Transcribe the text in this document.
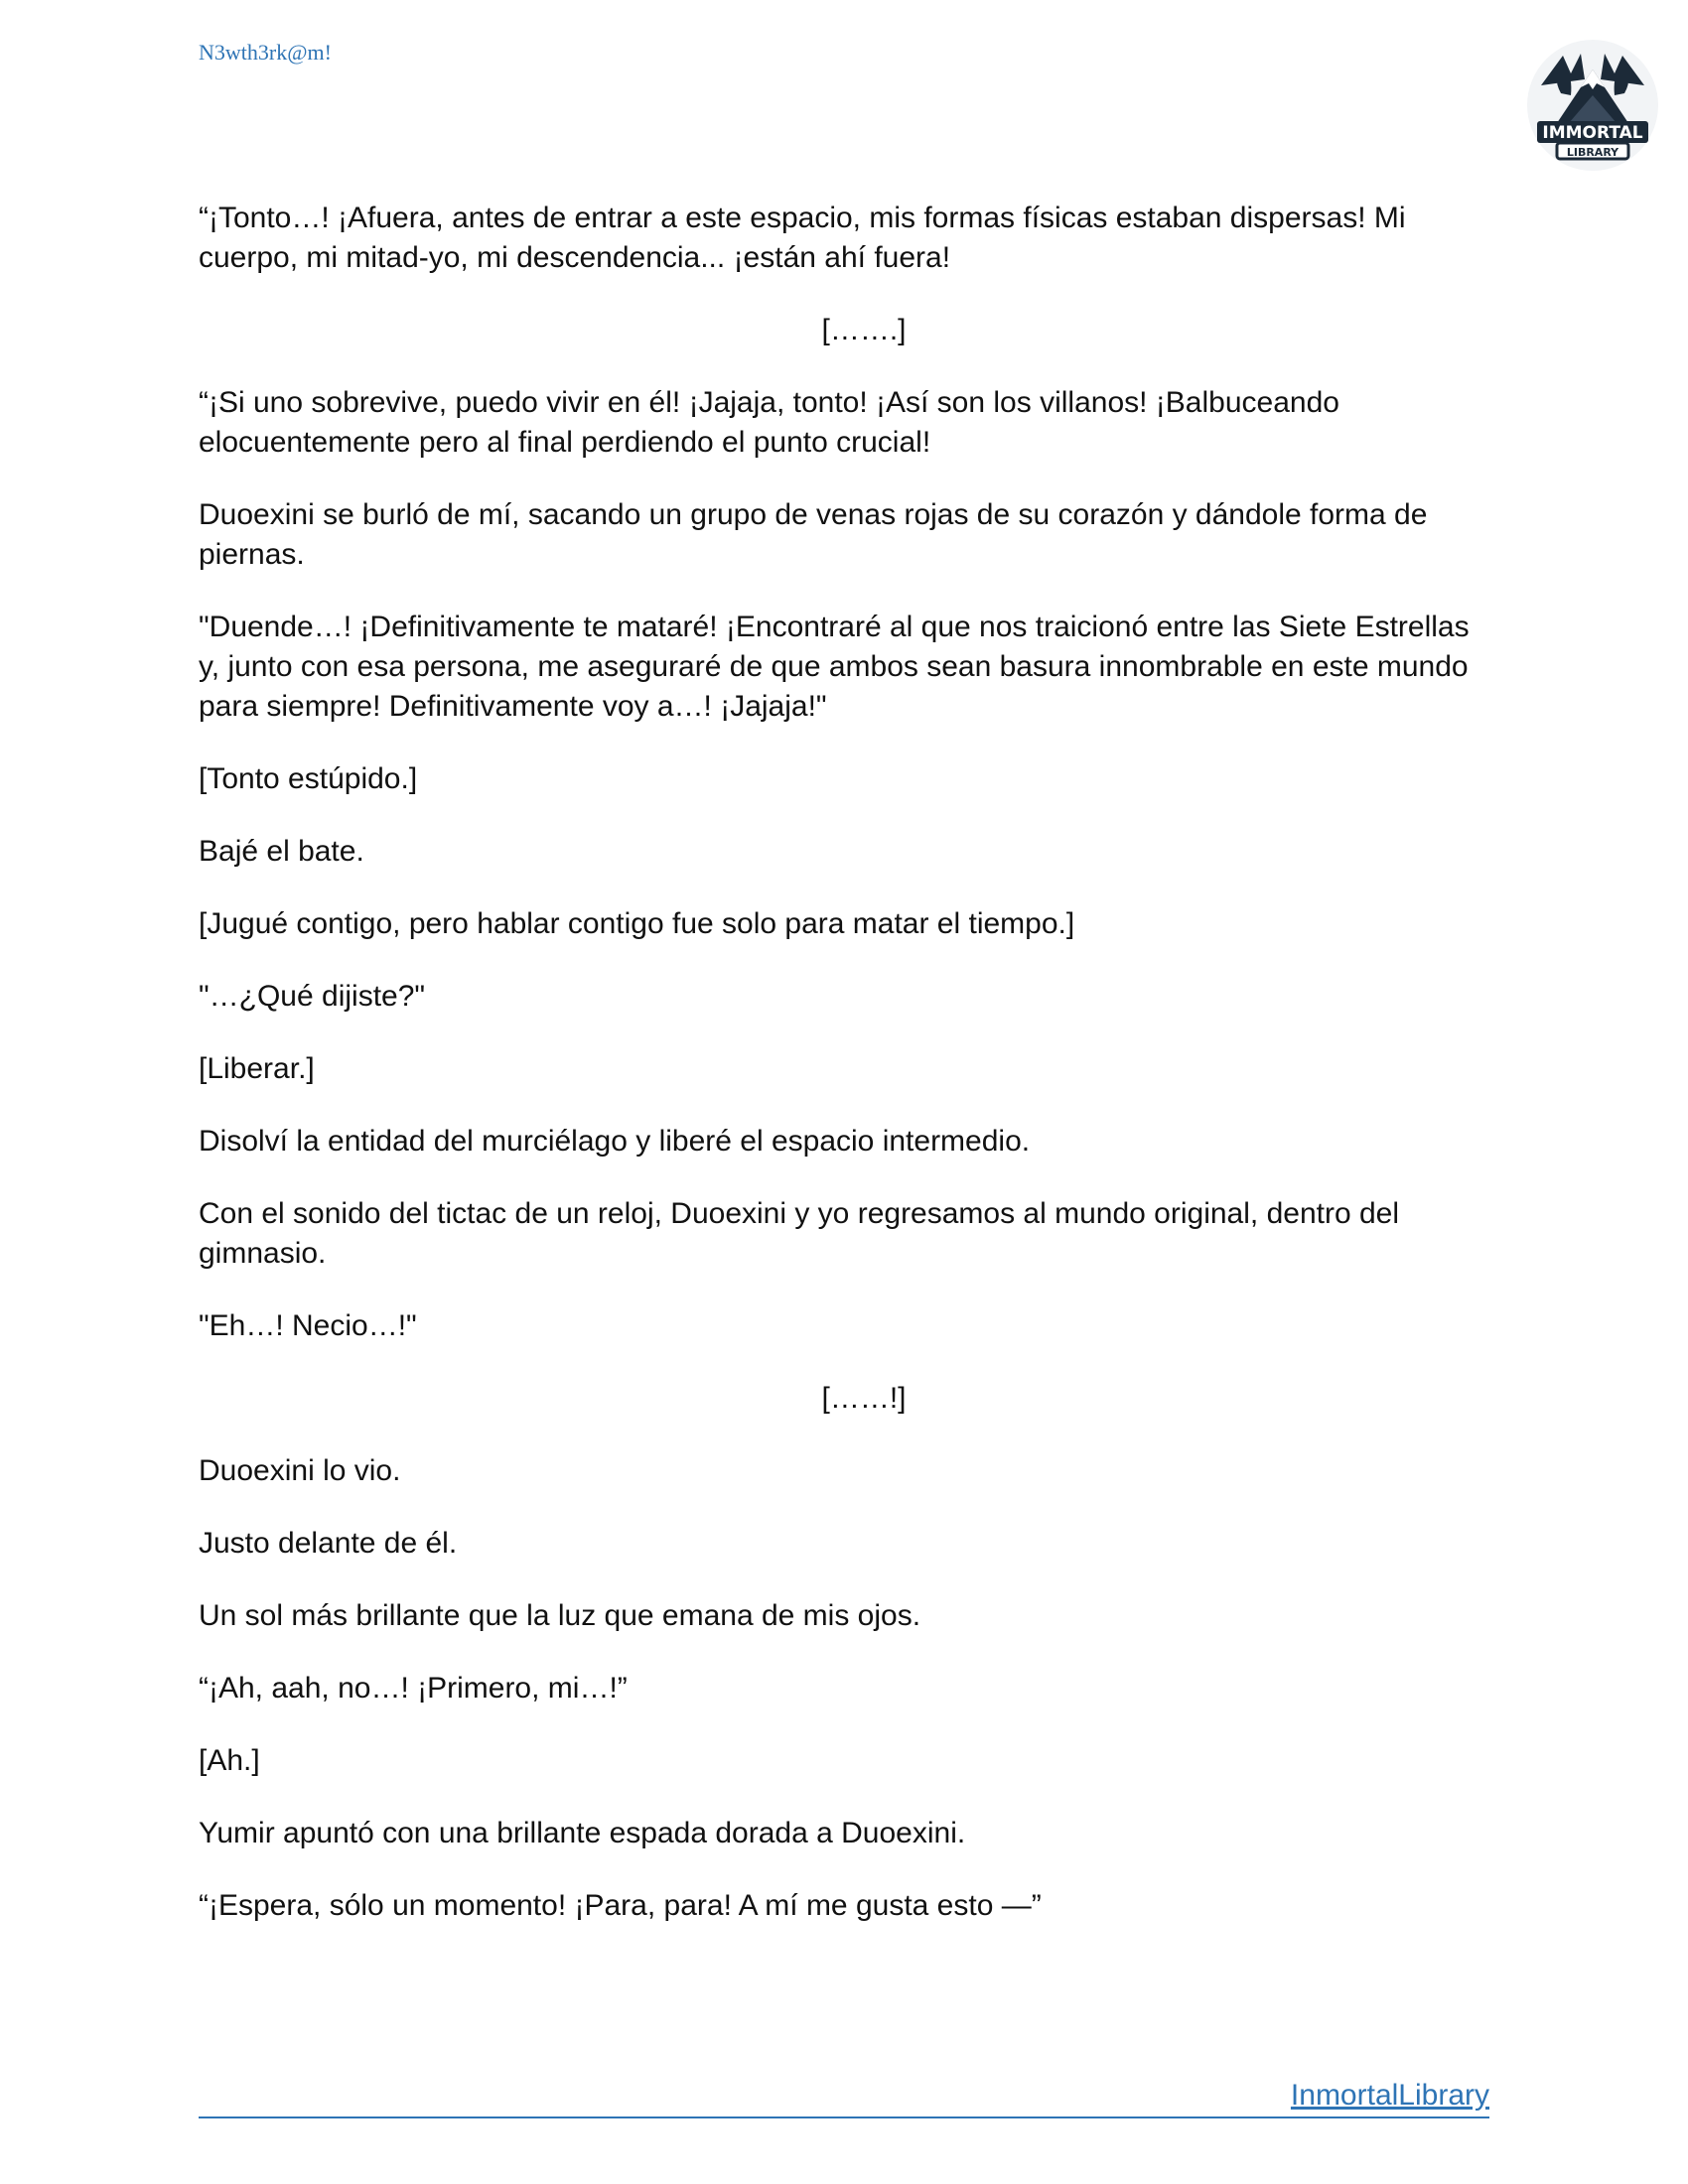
N3wth3rk@m!
IMMORTAL
LIBRARY

“¡Tonto…! ¡Afuera, antes de entrar a este espacio, mis formas físicas estaban dispersas! Mi cuerpo, mi mitad-yo, mi descendencia... ¡están ahí fuera!

[…….]

“¡Si uno sobrevive, puedo vivir en él! ¡Jajaja, tonto! ¡Así son los villanos! ¡Balbuceando elocuentemente pero al final perdiendo el punto crucial!

Duoexini se burló de mí, sacando un grupo de venas rojas de su corazón y dándole forma de piernas.

"Duende…! ¡Definitivamente te mataré! ¡Encontraré al que nos traicionó entre las Siete Estrellas y, junto con esa persona, me aseguraré de que ambos sean basura innombrable en este mundo para siempre! Definitivamente voy a…! ¡Jajaja!"

[Tonto estúpido.]

Bajé el bate.

[Jugué contigo, pero hablar contigo fue solo para matar el tiempo.]

"…¿Qué dijiste?"

[Liberar.]

Disolví la entidad del murciélago y liberé el espacio intermedio.

Con el sonido del tictac de un reloj, Duoexini y yo regresamos al mundo original, dentro del gimnasio.

"Eh…! Necio…!"

[……!]

Duoexini lo vio.

Justo delante de él.

Un sol más brillante que la luz que emana de mis ojos.

“¡Ah, aah, no…! ¡Primero, mi…!”

[Ah.]

Yumir apuntó con una brillante espada dorada a Duoexini.

“¡Espera, sólo un momento! ¡Para, para! A mí me gusta esto —”

InmortalLibrary
